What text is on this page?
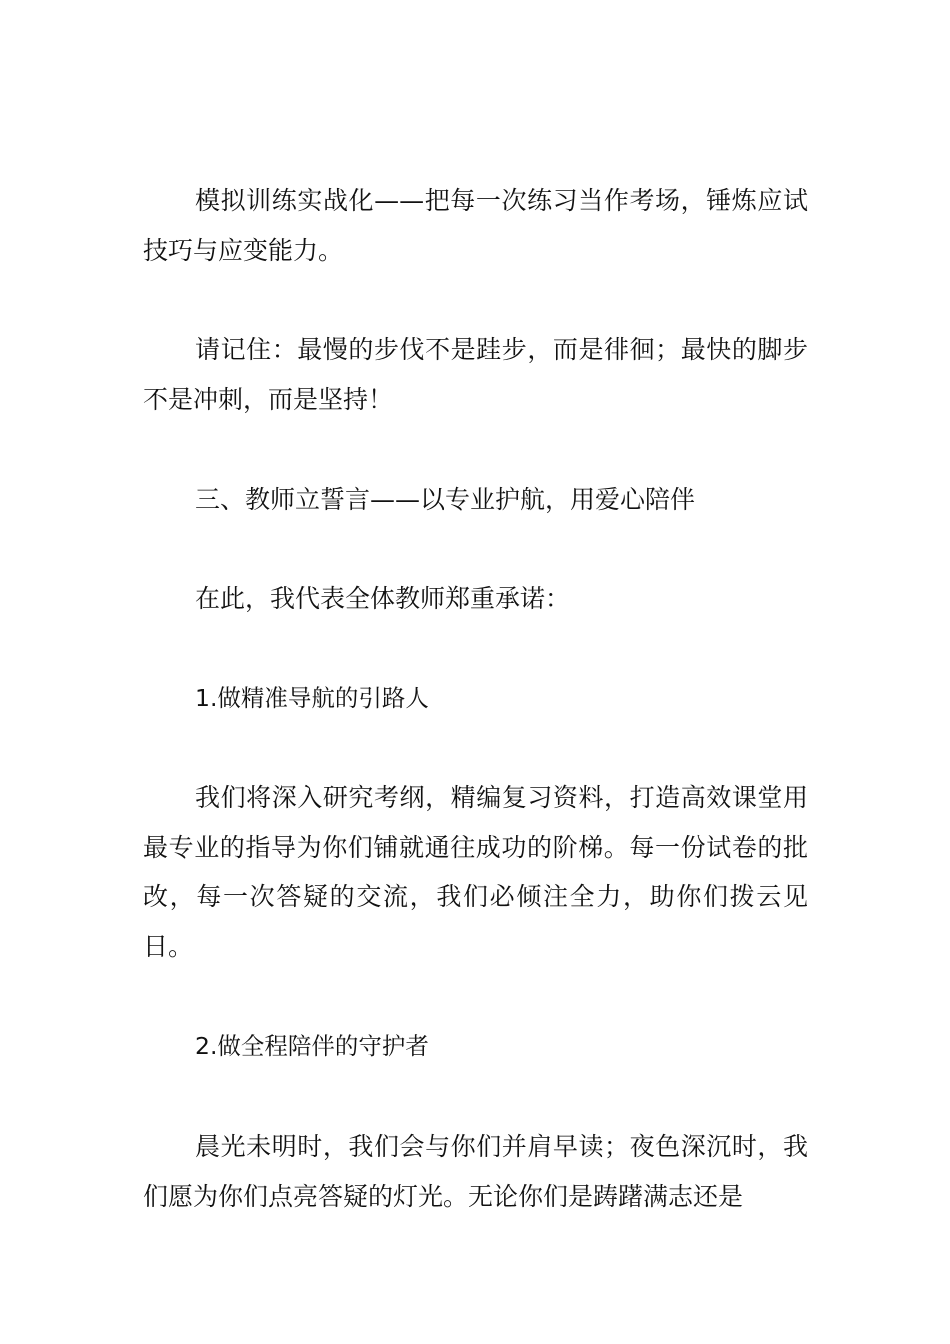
模拟训练实战化——把每一次练习当作考场，锤炼应试技巧与应变能力。

请记住：最慢的步伐不是跬步，而是徘徊；最快的脚步不是冲刺，而是坚持！

三、教师立誓言——以专业护航，用爱心陪伴

在此，我代表全体教师郑重承诺：

1.做精准导航的引路人

我们将深入研究考纲，精编复习资料，打造高效课堂用最专业的指导为你们铺就通往成功的阶梯。每一份试卷的批改，每一次答疑的交流，我们必倾注全力，助你们拨云见日。

2.做全程陪伴的守护者

晨光未明时，我们会与你们并肩早读；夜色深沉时，我们愿为你们点亮答疑的灯光。无论你们是踌躇满志还是
